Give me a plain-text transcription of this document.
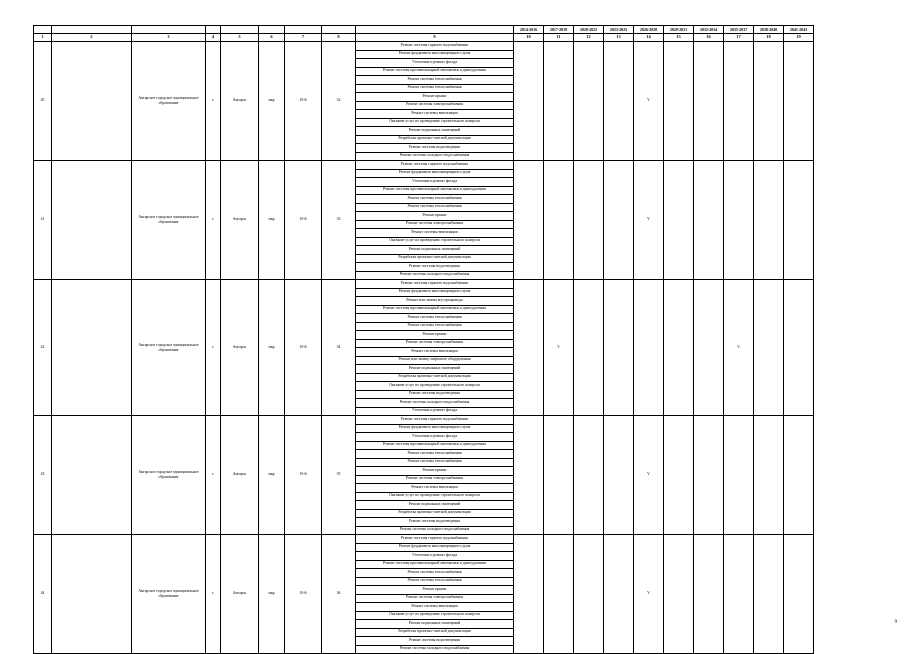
									2014-2016	2017-2019	2020-2022	2023-2025	2026-2028	2029-2031	2032-2034	2035-2037	2038-2040	2041-2043
1	2	3	4	5	6	7	8	9	10	11	12	13	14	15	16	17	18	19
40		Ангарское городское муниципальное образование	г.	Ангарск	мкр	10-й	32	Ремонт системы горячего водоснабжения					V					
								Ремонт фундамента многоквартирного дома										
								Утепление и ремонт фасада										
								Ремонт системы противопожарной автоматики и дымоудаления										
								Ремонт системы теплоснабжения										
								Ремонт системы теплоснабжения										
								Ремонт крыши										
								Ремонт системы электроснабжения										
								Ремонт системы вентиляции										
								Оказание услуг по проведению строительного контроля										
								Ремонт подвальных помещений										
								Разработка проектно-сметной документации										
								Ремонт системы водоотведения										
								Ремонт системы холодного водоснабжения										
41		Ангарское городское муниципальное образование	г.	Ангарск	мкр	10-й	33	Ремонт системы горячего водоснабжения					V					
								Ремонт фундамента многоквартирного дома										
								Утепление и ремонт фасада										
								Ремонт системы противопожарной автоматики и дымоудаления										
								Ремонт системы теплоснабжения										
								Ремонт системы теплоснабжения										
								Ремонт крыши										
								Ремонт системы электроснабжения										
								Ремонт системы вентиляции										
								Оказание услуг по проведению строительного контроля										
								Ремонт подвальных помещений										
								Разработка проектно-сметной документации										
								Ремонт системы водоотведения										
								Ремонт системы холодного водоснабжения										
42		Ангарское городское муниципальное образование	г.	Ангарск	мкр	10-й	34	Ремонт системы горячего водоснабжения		V						V		
								Ремонт фундамента многоквартирного дома										
								Ремонт или замена мусоропровода										
								Ремонт системы противопожарной автоматики и дымоудаления										
								Ремонт системы теплоснабжения										
								Ремонт системы теплоснабжения										
								Ремонт крыши										
								Ремонт системы электроснабжения										
								Ремонт системы вентиляции										
								Ремонт или замену лифтового оборудования										
								Ремонт подвальных помещений										
								Разработка проектно-сметной документации										
								Оказание услуг по проведению строительного контроля										
								Ремонт системы водоотведения										
								Ремонт системы холодного водоснабжения										
								Утепление и ремонт фасада										
43		Ангарское городское муниципальное образование	г.	Ангарск	мкр	10-й	35	Ремонт системы горячего водоснабжения					V					
								Ремонт фундамента многоквартирного дома										
								Утепление и ремонт фасада										
								Ремонт системы противопожарной автоматики и дымоудаления										
								Ремонт системы теплоснабжения										
								Ремонт системы теплоснабжения										
								Ремонт крыши										
								Ремонт системы электроснабжения										
								Ремонт системы вентиляции										
								Оказание услуг по проведению строительного контроля										
								Ремонт подвальных помещений										
								Разработка проектно-сметной документации										
								Ремонт системы водоотведения										
								Ремонт системы холодного водоснабжения										
44		Ангарское городское муниципальное образование	г.	Ангарск	мкр	10-й	36	Ремонт системы горячего водоснабжения					V					
								Ремонт фундамента многоквартирного дома										
								Утепление и ремонт фасада										
								Ремонт системы противопожарной автоматики и дымоудаления										
								Ремонт системы теплоснабжения										
								Ремонт системы теплоснабжения										
								Ремонт крыши										
								Ремонт системы электроснабжения										
								Ремонт системы вентиляции										
								Оказание услуг по проведению строительного контроля										
								Ремонт подвальных помещений										
								Разработка проектно-сметной документации										
								Ремонт системы водоотведения										
								Ремонт системы холодного водоснабжения										
9
